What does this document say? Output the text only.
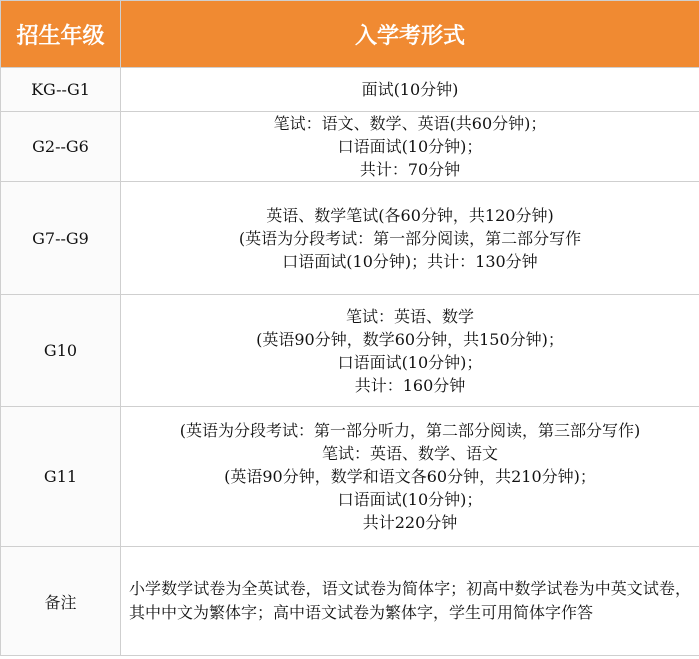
招生年级	入学考形式
KG--G1	面试(10分钟)

G2--G6	笔试：语文、数学、英语(共60分钟)；
口语面试(10分钟)；
共计：70分钟

G7--G9	英语、数学笔试(各60分钟，共120分钟)
(英语为分段考试：第一部分阅读，第二部分写作
口语面试(10分钟)；共计：130分钟

G10	笔试：英语、数学
(英语90分钟，数学60分钟，共150分钟)；
口语面试(10分钟)；
共计：160分钟

G11	(英语为分段考试：第一部分听力，第二部分阅读，第三部分写作)
笔试：英语、数学、语文
(英语90分钟，数学和语文各60分钟，共210分钟)；
口语面试(10分钟)；
共计220分钟

备注	小学数学试卷为全英试卷，语文试卷为简体字；初高中数学试卷为中英文试卷，其中中文为繁体字；高中语文试卷为繁体字，学生可用简体字作答
